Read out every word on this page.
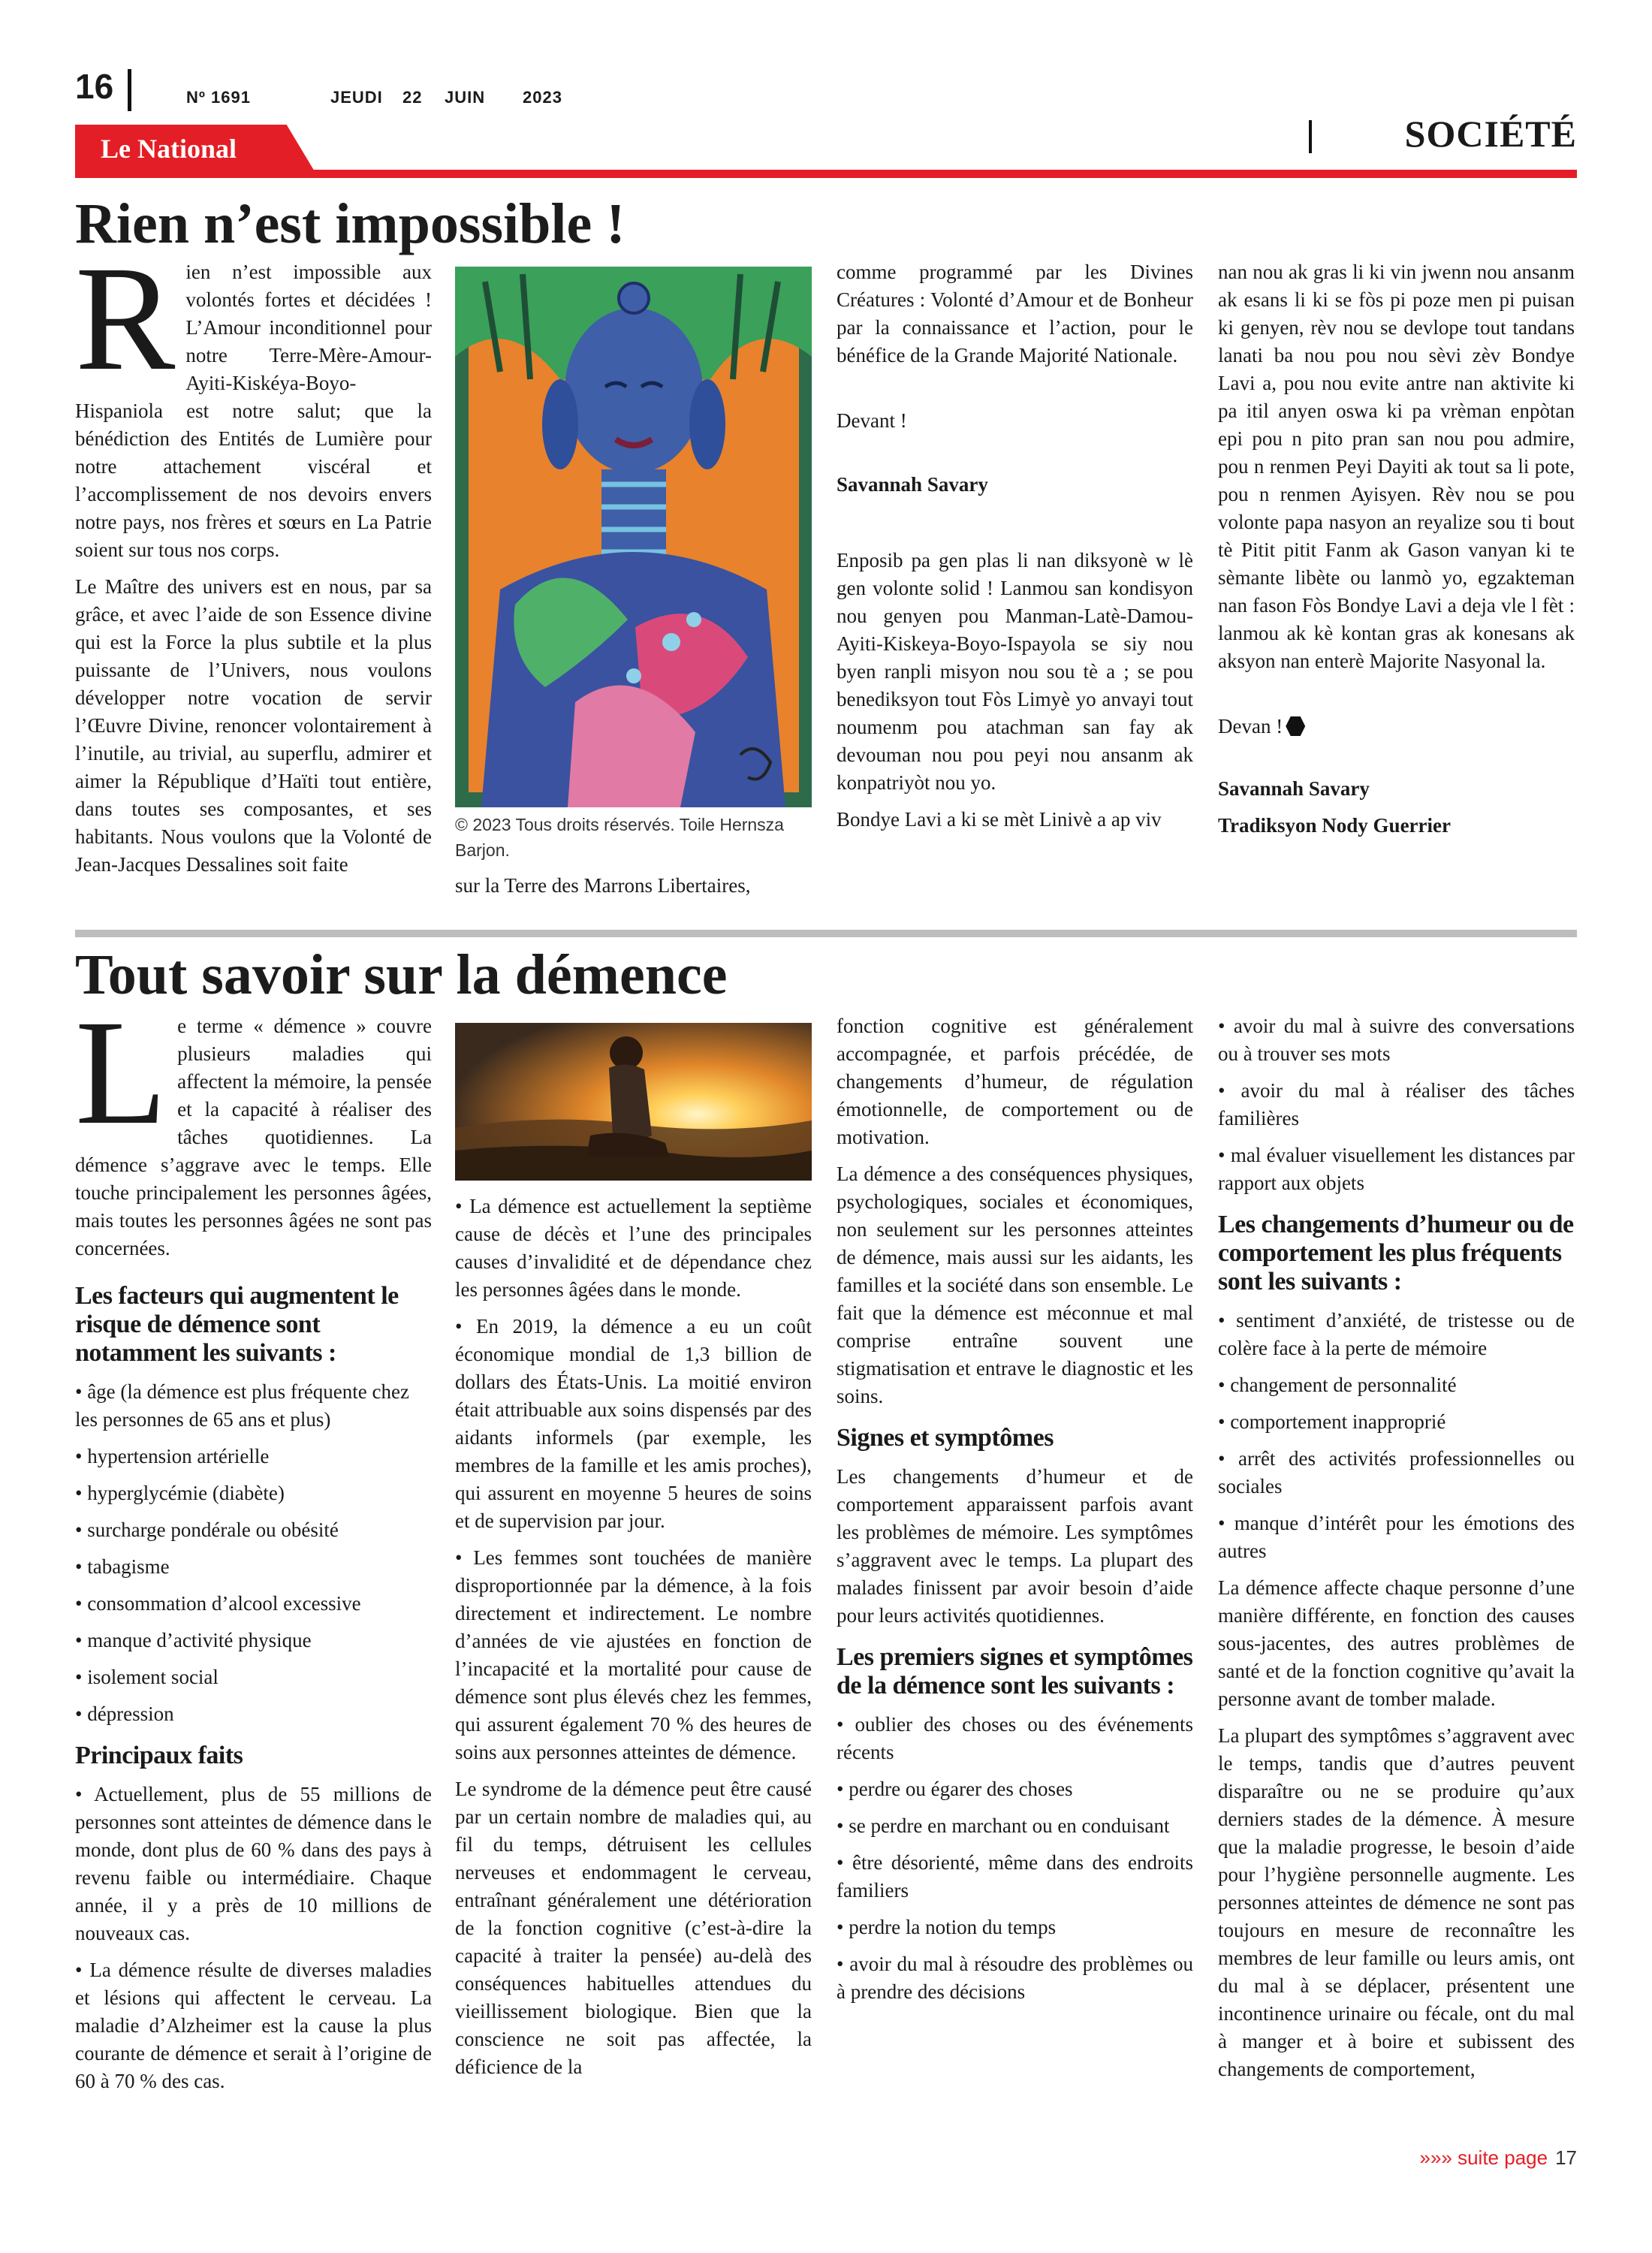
16	Nº 1691	JEUDI 22 JUIN 2023
Le National	SOCIÉTÉ
Rien n’est impossible !

Rien n’est impossible aux volontés fortes et décidées ! L’Amour inconditionnel pour notre Terre-Mère-Amour-Ayiti-Kiskéya-Boyo-Hispaniola est notre salut; que la bénédiction des Entités de Lumière pour notre attachement viscéral et l’accomplissement de nos devoirs envers notre pays, nos frères et sœurs en La Patrie soient sur tous nos corps.

Le Maître des univers est en nous, par sa grâce, et avec l’aide de son Essence divine qui est la Force la plus subtile et la plus puissante de l’Univers, nous voulons développer notre vocation de servir l’Œuvre Divine, renoncer volontairement à l’inutile, au trivial, au superflu, admirer et aimer la République d’Haïti tout entière, dans toutes ses composantes, et ses habitants. Nous voulons que la Volonté de Jean-Jacques Dessalines soit faite

© 2023 Tous droits réservés. Toile Hernsza Barjon.

sur la Terre des Marrons Libertaires,

comme programmé par les Divines Créatures : Volonté d’Amour et de Bonheur par la connaissance et l’action, pour le bénéfice de la Grande Majorité Nationale.

Devant !

Savannah Savary

Enposib pa gen plas li nan diksyonè w lè gen volonte solid ! Lanmou san kondisyon nou genyen pou Manman-Latè-Damou-Ayiti-Kiskeya-Boyo-Ispayola se siy nou byen ranpli misyon nou sou tè a ; se pou benediksyon tout Fòs Limyè yo anvayi tout noumenm pou atachman san fay ak devouman nou pou peyi nou ansanm ak konpatriyòt nou yo.

Bondye Lavi a ki se mèt Linivè a ap viv

nan nou ak gras li ki vin jwenn nou ansanm ak esans li ki se fòs pi poze men pi puisan ki genyen, rèv nou se devlope tout tandans lanati ba nou pou nou sèvi zèv Bondye Lavi a, pou nou evite antre nan aktivite ki pa itil anyen oswa ki pa vrèman enpòtan epi pou n pito pran san nou pou admire, pou n renmen Peyi Dayiti ak tout sa li pote, pou n renmen Ayisyen. Rèv nou se pou volonte papa nasyon an reyalize sou ti bout tè Pitit pitit Fanm ak Gason vanyan ki te sèmante libète ou lanmò yo, egzakteman nan fason Fòs Bondye Lavi a deja vle l fèt : lanmou ak kè kontan gras ak konesans ak aksyon nan enterè Majorite Nasyonal la.

Devan !

Savannah Savary

Tradiksyon Nody Guerrier

Tout savoir sur la démence

Le terme « démence » couvre plusieurs maladies qui affectent la mémoire, la pensée et la capacité à réaliser des tâches quotidiennes. La démence s’aggrave avec le temps. Elle touche principalement les personnes âgées, mais toutes les personnes âgées ne sont pas concernées.

Les facteurs qui augmentent le risque de démence sont notamment les suivants :

• âge (la démence est plus fréquente chez les personnes de 65 ans et plus)

• hypertension artérielle

• hyperglycémie (diabète)

• surcharge pondérale ou obésité

• tabagisme

• consommation d’alcool excessive

• manque d’activité physique

• isolement social

• dépression

Principaux faits

• Actuellement, plus de 55 millions de personnes sont atteintes de démence dans le monde, dont plus de 60 % dans des pays à revenu faible ou intermédiaire. Chaque année, il y a près de 10 millions de nouveaux cas.

• La démence résulte de diverses maladies et lésions qui affectent le cerveau. La maladie d’Alzheimer est la cause la plus courante de démence et serait à l’origine de 60 à 70 % des cas.

• La démence est actuellement la septième cause de décès et l’une des principales causes d’invalidité et de dépendance chez les personnes âgées dans le monde.

• En 2019, la démence a eu un coût économique mondial de 1,3 billion de dollars des États-Unis. La moitié environ était attribuable aux soins dispensés par des aidants informels (par exemple, les membres de la famille et les amis proches), qui assurent en moyenne 5 heures de soins et de supervision par jour.

• Les femmes sont touchées de manière disproportionnée par la démence, à la fois directement et indirectement. Le nombre d’années de vie ajustées en fonction de l’incapacité et la mortalité pour cause de démence sont plus élevés chez les femmes, qui assurent également 70 % des heures de soins aux personnes atteintes de démence.

Le syndrome de la démence peut être causé par un certain nombre de maladies qui, au fil du temps, détruisent les cellules nerveuses et endommagent le cerveau, entraînant généralement une détérioration de la fonction cognitive (c’est-à-dire la capacité à traiter la pensée) au-delà des conséquences habituelles attendues du vieillissement biologique. Bien que la conscience ne soit pas affectée, la déficience de la

fonction cognitive est généralement accompagnée, et parfois précédée, de changements d’humeur, de régulation émotionnelle, de comportement ou de motivation.

La démence a des conséquences physiques, psychologiques, sociales et économiques, non seulement sur les personnes atteintes de démence, mais aussi sur les aidants, les familles et la société dans son ensemble. Le fait que la démence est méconnue et mal comprise entraîne souvent une stigmatisation et entrave le diagnostic et les soins.

Signes et symptômes

Les changements d’humeur et de comportement apparaissent parfois avant les problèmes de mémoire. Les symptômes s’aggravent avec le temps. La plupart des malades finissent par avoir besoin d’aide pour leurs activités quotidiennes.

Les premiers signes et symptômes de la démence sont les suivants :

• oublier des choses ou des événements récents

• perdre ou égarer des choses

• se perdre en marchant ou en conduisant

• être désorienté, même dans des endroits familiers

• perdre la notion du temps

• avoir du mal à résoudre des problèmes ou à prendre des décisions

• avoir du mal à suivre des conversations ou à trouver ses mots

• avoir du mal à réaliser des tâches familières

• mal évaluer visuellement les distances par rapport aux objets

Les changements d’humeur ou de comportement les plus fréquents sont les suivants :

• sentiment d’anxiété, de tristesse ou de colère face à la perte de mémoire

• changement de personnalité

• comportement inapproprié

• arrêt des activités professionnelles ou sociales

• manque d’intérêt pour les émotions des autres

La démence affecte chaque personne d’une manière différente, en fonction des causes sous-jacentes, des autres problèmes de santé et de la fonction cognitive qu’avait la personne avant de tomber malade.

La plupart des symptômes s’aggravent avec le temps, tandis que d’autres peuvent disparaître ou ne se produire qu’aux derniers stades de la démence. À mesure que la maladie progresse, le besoin d’aide pour l’hygiène personnelle augmente. Les personnes atteintes de démence ne sont pas toujours en mesure de reconnaître les membres de leur famille ou leurs amis, ont du mal à se déplacer, présentent une incontinence urinaire ou fécale, ont du mal à manger et à boire et subissent des changements de comportement,

»»» suite page 17
